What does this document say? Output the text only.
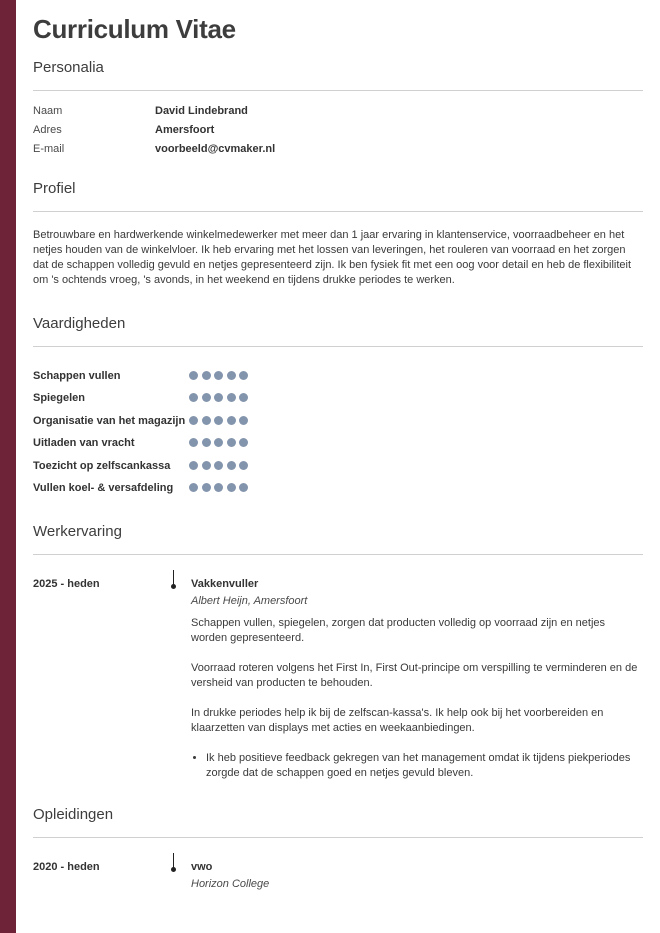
Curriculum Vitae
Personalia
Naam	David Lindebrand
Adres	Amersfoort
E-mail	voorbeeld@cvmaker.nl
Profiel

Betrouwbare en hardwerkende winkelmedewerker met meer dan 1 jaar ervaring in klantenservice, voorraadbeheer en het netjes houden van de winkelvloer. Ik heb ervaring met het lossen van leveringen, het rouleren van voorraad en het zorgen dat de schappen volledig gevuld en netjes gepresenteerd zijn. Ik ben fysiek fit met een oog voor detail en heb de flexibiliteit om 's ochtends vroeg, 's avonds, in het weekend en tijdens drukke periodes te werken.

Vaardigheden
Schappen vullen
Spiegelen
Organisatie van het magazijn
Uitladen van vracht
Toezicht op zelfscankassa
Vullen koel- & versafdeling
Werkervaring
2025 - heden	Vakkenvuller
Albert Heijn, Amersfoort

Schappen vullen, spiegelen, zorgen dat producten volledig op voorraad zijn en netjes worden gepresenteerd.

Voorraad roteren volgens het First In, First Out-principe om verspilling te verminderen en de versheid van producten te behouden.

In drukke periodes help ik bij de zelfscan-kassa's. Ik help ook bij het voorbereiden en klaarzetten van displays met acties en weekaanbiedingen.

• Ik heb positieve feedback gekregen van het management omdat ik tijdens piekperiodes zorgde dat de schappen goed en netjes gevuld bleven.
Opleidingen
2020 - heden	vwo
Horizon College
